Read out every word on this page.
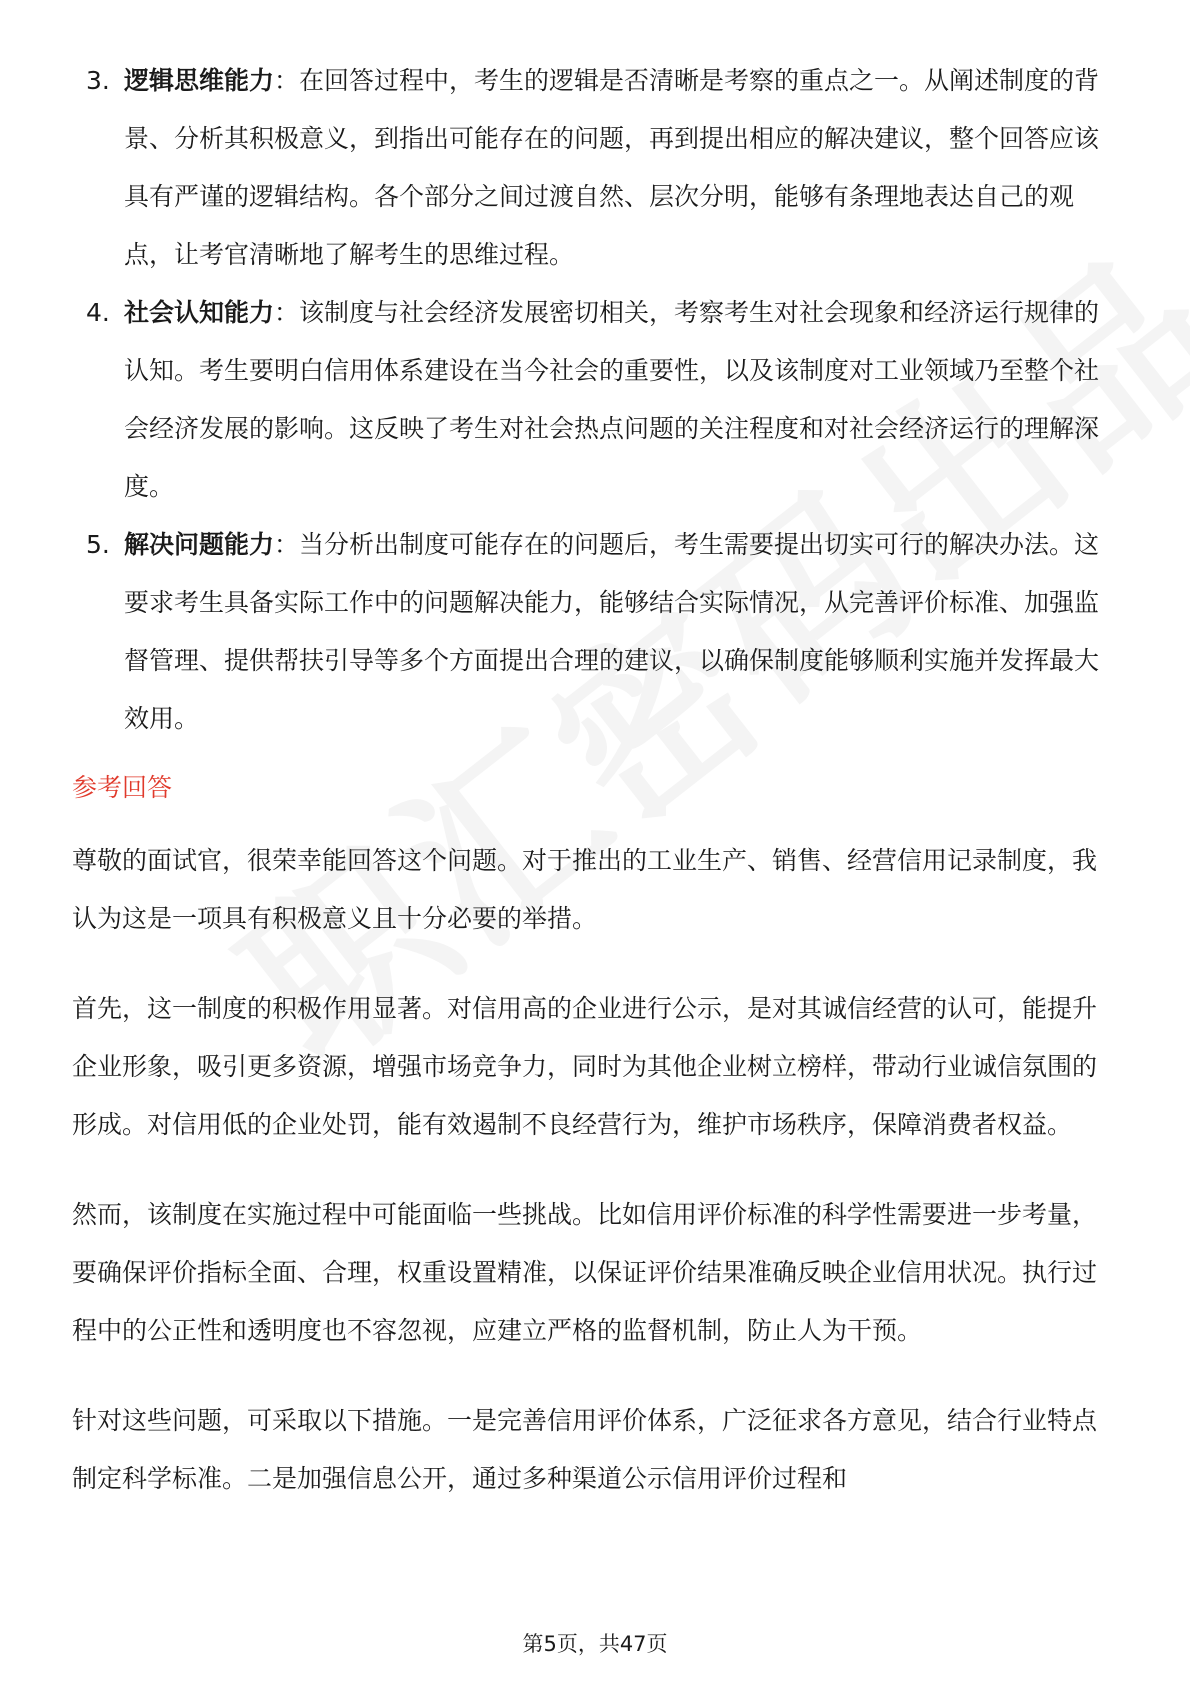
3. 逻辑思维能力：在回答过程中，考生的逻辑是否清晰是考察的重点之一。从阐述制度的背景、分析其积极意义，到指出可能存在的问题，再到提出相应的解决建议，整个回答应该具有严谨的逻辑结构。各个部分之间过渡自然、层次分明，能够有条理地表达自己的观点，让考官清晰地了解考生的思维过程。
4. 社会认知能力：该制度与社会经济发展密切相关，考察考生对社会现象和经济运行规律的认知。考生要明白信用体系建设在当今社会的重要性，以及该制度对工业领域乃至整个社会经济发展的影响。这反映了考生对社会热点问题的关注程度和对社会经济运行的理解深度。
5. 解决问题能力：当分析出制度可能存在的问题后，考生需要提出切实可行的解决办法。这要求考生具备实际工作中的问题解决能力，能够结合实际情况，从完善评价标准、加强监督管理、提供帮扶引导等多个方面提出合理的建议，以确保制度能够顺利实施并发挥最大效用。
参考回答

尊敬的面试官，很荣幸能回答这个问题。对于推出的工业生产、销售、经营信用记录制度，我认为这是一项具有积极意义且十分必要的举措。

首先，这一制度的积极作用显著。对信用高的企业进行公示，是对其诚信经营的认可，能提升企业形象，吸引更多资源，增强市场竞争力，同时为其他企业树立榜样，带动行业诚信氛围的形成。对信用低的企业处罚，能有效遏制不良经营行为，维护市场秩序，保障消费者权益。

然而，该制度在实施过程中可能面临一些挑战。比如信用评价标准的科学性需要进一步考量，要确保评价指标全面、合理，权重设置精准，以保证评价结果准确反映企业信用状况。执行过程中的公正性和透明度也不容忽视，应建立严格的监督机制，防止人为干预。

针对这些问题，可采取以下措施。一是完善信用评价体系，广泛征求各方意见，结合行业特点制定科学标准。二是加强信息公开，通过多种渠道公示信用评价过程和

第5页，共47页
